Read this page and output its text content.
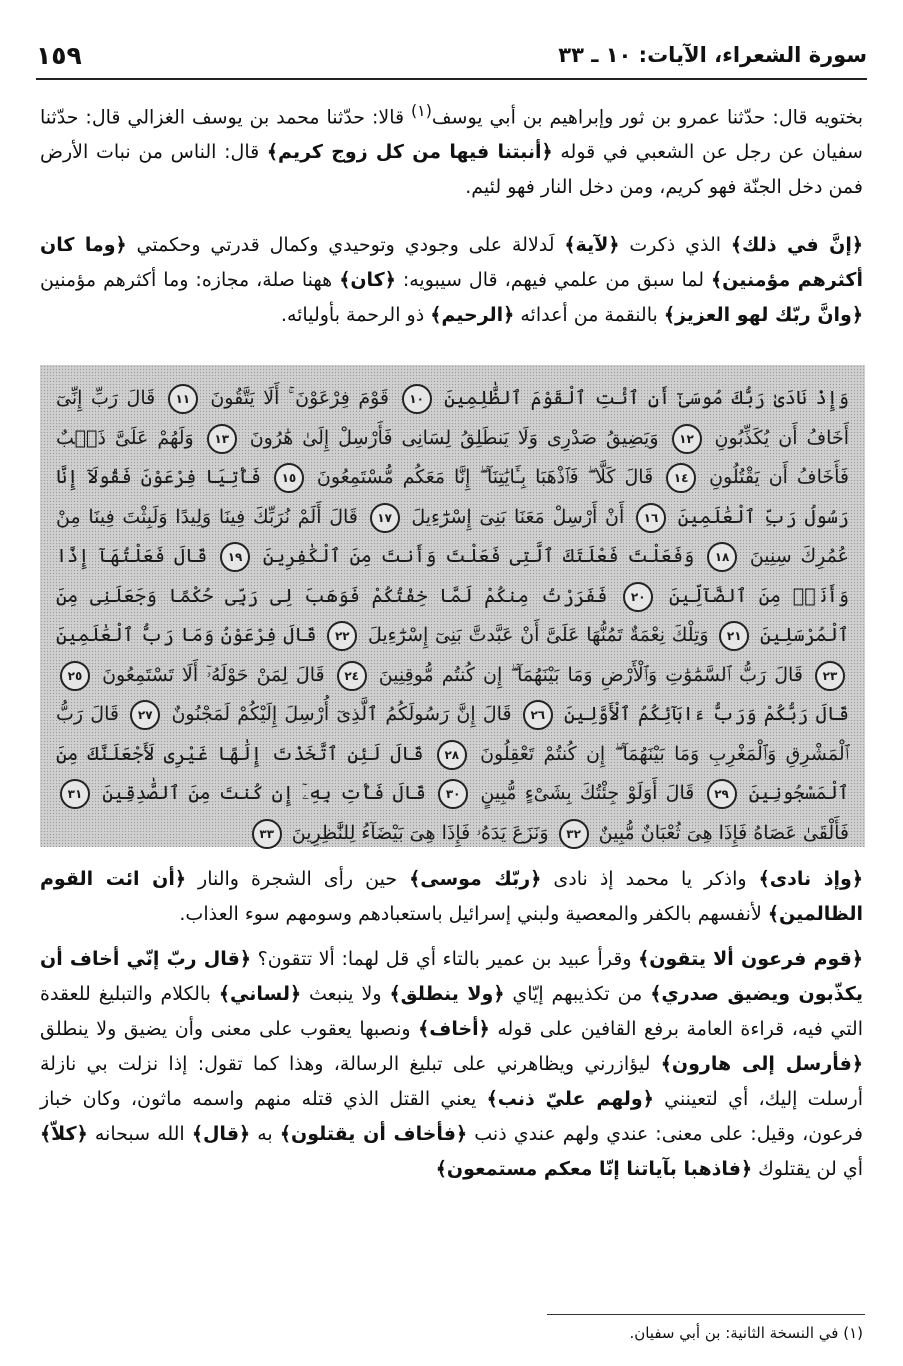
سورة الشعراء، الآيات: ١٠ ـ ٣٣
١٥٩

بختويه قال: حدّثنا عمرو بن ثور وإبراهيم بن أبي يوسف$^{(١)}$ قالا: حدّثنا محمد بن يوسف الغزالي قال: حدّثنا سفيان عن رجل عن الشعبي في قوله ﴿أنبتنا فيها من كل زوج كريم﴾ قال: الناس من نبات الأرض فمن دخل الجنّة فهو كريم، ومن دخل النار فهو لئيم.

﴿إنَّ في ذلك﴾ الذي ذكرت ﴿لآية﴾ لَدلالة على وجودي وتوحيدي وكمال قدرتي وحكمتي ﴿وما كان أكثرهم مؤمنين﴾ لما سبق من علمي فيهم، قال سيبويه: ﴿كان﴾ ههنا صلة، مجازه: وما أكثرهم مؤمنين ﴿وانَّ ربّك لهو العزيز﴾ بالنقمة من أعدائه ﴿الرحيم﴾ ذو الرحمة بأوليائه.

وَإِذْ نَادَىٰ رَبُّكَ مُوسَىٰٓ أَنِ ٱئْتِ ٱلْقَوْمَ ٱلظَّٰلِمِينَ ١٠ قَوْمَ فِرْعَوْنَ ۚ أَلَا يَتَّقُونَ ١١ قَالَ رَبِّ إِنِّىٓ أَخَافُ أَن يُكَذِّبُونِ ١٢ وَيَضِيقُ صَدْرِى وَلَا يَنطَلِقُ لِسَانِى فَأَرْسِلْ إِلَىٰ هَٰرُونَ ١٣ وَلَهُمْ عَلَىَّ ذَنۢبٌ فَأَخَافُ أَن يَقْتُلُونِ ١٤ قَالَ كَلَّا ۖ فَٱذْهَبَا بِـَٔايَٰتِنَآ ۖ إِنَّا مَعَكُم مُّسْتَمِعُونَ ١٥ فَأْتِيَا فِرْعَوْنَ فَقُولَآ إِنَّا رَسُولُ رَبِّ ٱلْعَٰلَمِينَ ١٦ أَنْ أَرْسِلْ مَعَنَا بَنِىٓ إِسْرَٰٓءِيلَ ١٧ قَالَ أَلَمْ نُرَبِّكَ فِينَا وَلِيدًا وَلَبِثْتَ فِينَا مِنْ عُمُرِكَ سِنِينَ ١٨ وَفَعَلْتَ فَعْلَتَكَ ٱلَّتِى فَعَلْتَ وَأَنتَ مِنَ ٱلْكَٰفِرِينَ ١٩ قَالَ فَعَلْتُهَآ إِذًا وَأَنَا۠ مِنَ ٱلضَّآلِّينَ ٢٠ فَفَرَرْتُ مِنكُمْ لَمَّا خِفْتُكُمْ فَوَهَبَ لِى رَبِّى حُكْمًا وَجَعَلَنِى مِنَ ٱلْمُرْسَلِينَ ٢١ وَتِلْكَ نِعْمَةٌ تَمُنُّهَا عَلَىَّ أَنْ عَبَّدتَّ بَنِىٓ إِسْرَٰٓءِيلَ ٢٢ قَالَ فِرْعَوْنُ وَمَا رَبُّ ٱلْعَٰلَمِينَ ٢٣ قَالَ رَبُّ ٱلسَّمَٰوَٰتِ وَٱلْأَرْضِ وَمَا بَيْنَهُمَآ ۖ إِن كُنتُم مُّوقِنِينَ ٢٤ قَالَ لِمَنْ حَوْلَهُۥٓ أَلَا تَسْتَمِعُونَ ٢٥ قَالَ رَبُّكُمْ وَرَبُّ ءَابَآئِكُمُ ٱلْأَوَّلِينَ ٢٦ قَالَ إِنَّ رَسُولَكُمُ ٱلَّذِىٓ أُرْسِلَ إِلَيْكُمْ لَمَجْنُونٌ ٢٧ قَالَ رَبُّ ٱلْمَشْرِقِ وَٱلْمَغْرِبِ وَمَا بَيْنَهُمَآ ۖ إِن كُنتُمْ تَعْقِلُونَ ٢٨ قَالَ لَئِنِ ٱتَّخَذْتَ إِلَٰهًا غَيْرِى لَأَجْعَلَنَّكَ مِنَ ٱلْمَسْجُونِينَ ٢٩ قَالَ أَوَلَوْ جِئْتُكَ بِشَىْءٍ مُّبِينٍ ٣٠ قَالَ فَأْتِ بِهِۦٓ إِن كُنتَ مِنَ ٱلصَّٰدِقِينَ ٣١ فَأَلْقَىٰ عَصَاهُ فَإِذَا هِىَ ثُعْبَانٌ مُّبِينٌ ٣٢ وَنَزَعَ يَدَهُۥ فَإِذَا هِىَ بَيْضَآءُ لِلنَّٰظِرِينَ ٣٣

﴿وإذ نادى﴾ واذكر يا محمد إذ نادى ﴿ربّك موسى﴾ حين رأى الشجرة والنار ﴿أن ائت القوم الظالمين﴾ لأنفسهم بالكفر والمعصية ولبني إسرائيل باستعبادهم وسومهم سوء العذاب.

﴿قوم فرعون ألا يتقون﴾ وقرأ عبيد بن عمير بالتاء أي قل لهما: ألا تتقون؟ ﴿قال ربّ إنّي أخاف أن يكذّبون ويضيق صدري﴾ من تكذيبهم إيّاي ﴿ولا ينطلق﴾ ولا ينبعث ﴿لساني﴾ بالكلام والتبليغ للعقدة التي فيه، قراءة العامة برفع القافين على قوله ﴿أخاف﴾ ونصبها يعقوب على معنى وأن يضيق ولا ينطلق ﴿فأرسل إلى هارون﴾ ليؤازرني ويظاهرني على تبليغ الرسالة، وهذا كما تقول: إذا نزلت بي نازلة أرسلت إليك، أي لتعينني ﴿ولهم عليّ ذنب﴾ يعني القتل الذي قتله منهم واسمه ماثون، وكان خباز فرعون، وقيل: على معنى: عندي ولهم عندي ذنب ﴿فأخاف أن يقتلون﴾ به ﴿قال﴾ الله سبحانه ﴿كلاّ﴾ أي لن يقتلوك ﴿فاذهبا بآياتنا إنّا معكم مستمعون﴾

(١) في النسخة الثانية: بن أبي سفيان.
